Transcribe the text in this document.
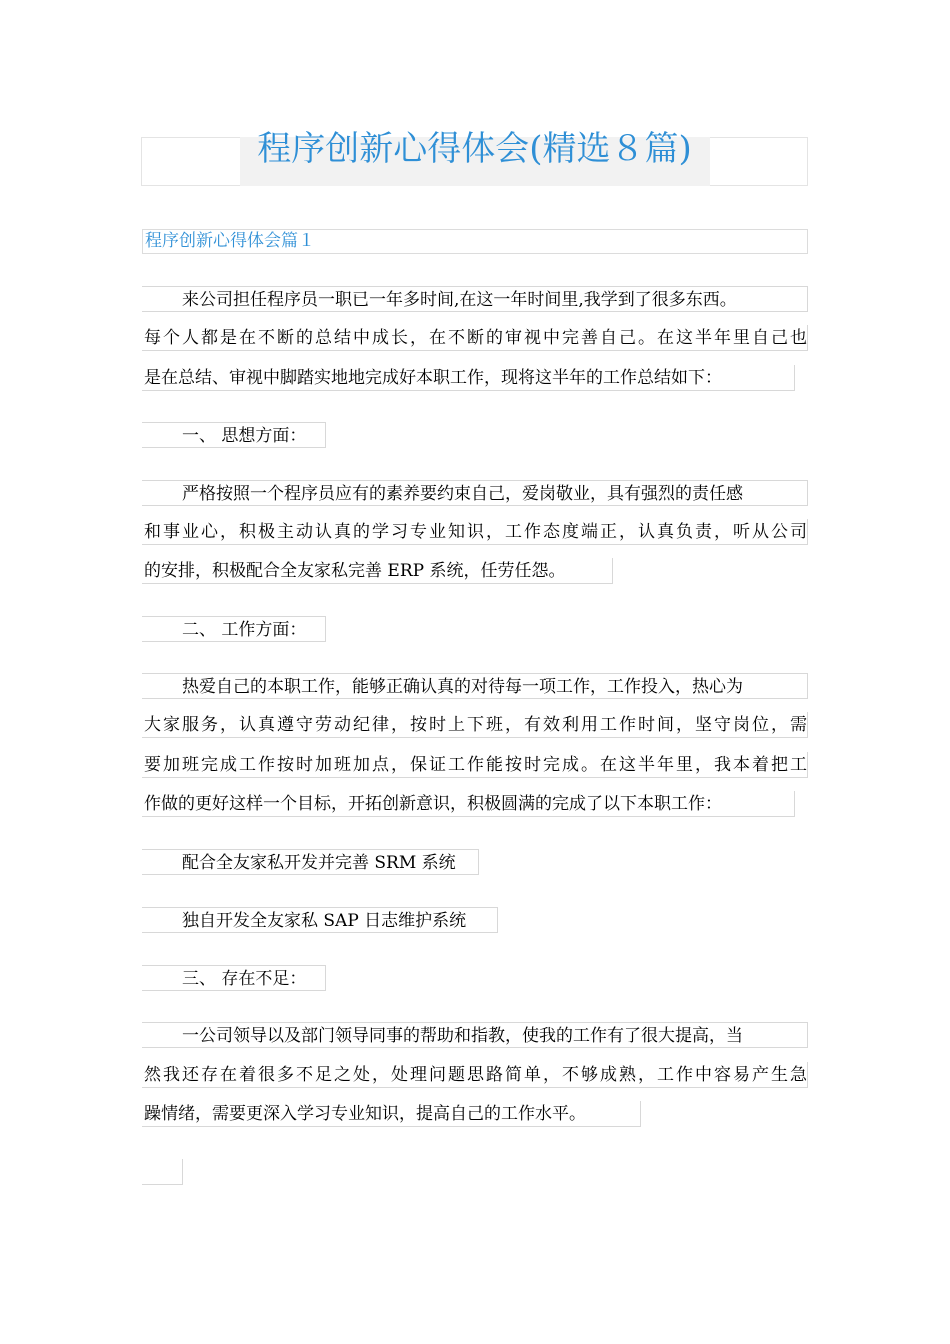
程序创新心得体会(精选８篇)
程序创新心得体会篇１
来公司担任程序员一职已一年多时间,在这一年时间里,我学到了很多东西。
每个人都是在不断的总结中成长，在不断的审视中完善自己。在这半年里自己也
是在总结、审视中脚踏实地地完成好本职工作，现将这半年的工作总结如下：
一、 思想方面：
严格按照一个程序员应有的素养要约束自己，爱岗敬业，具有强烈的责任感
和事业心，积极主动认真的学习专业知识，工作态度端正，认真负责，听从公司
的安排，积极配合全友家私完善 ERP 系统，任劳任怨。
二、 工作方面：
热爱自己的本职工作，能够正确认真的对待每一项工作，工作投入，热心为
大家服务，认真遵守劳动纪律，按时上下班，有效利用工作时间，坚守岗位，需
要加班完成工作按时加班加点，保证工作能按时完成。在这半年里，我本着把工
作做的更好这样一个目标，开拓创新意识，积极圆满的完成了以下本职工作：
配合全友家私开发并完善 SRM 系统
独自开发全友家私 SAP 日志维护系统
三、 存在不足：
一公司领导以及部门领导同事的帮助和指教，使我的工作有了很大提高，当
然我还存在着很多不足之处，处理问题思路简单，不够成熟，工作中容易产生急
躁情绪，需要更深入学习专业知识，提高自己的工作水平。
